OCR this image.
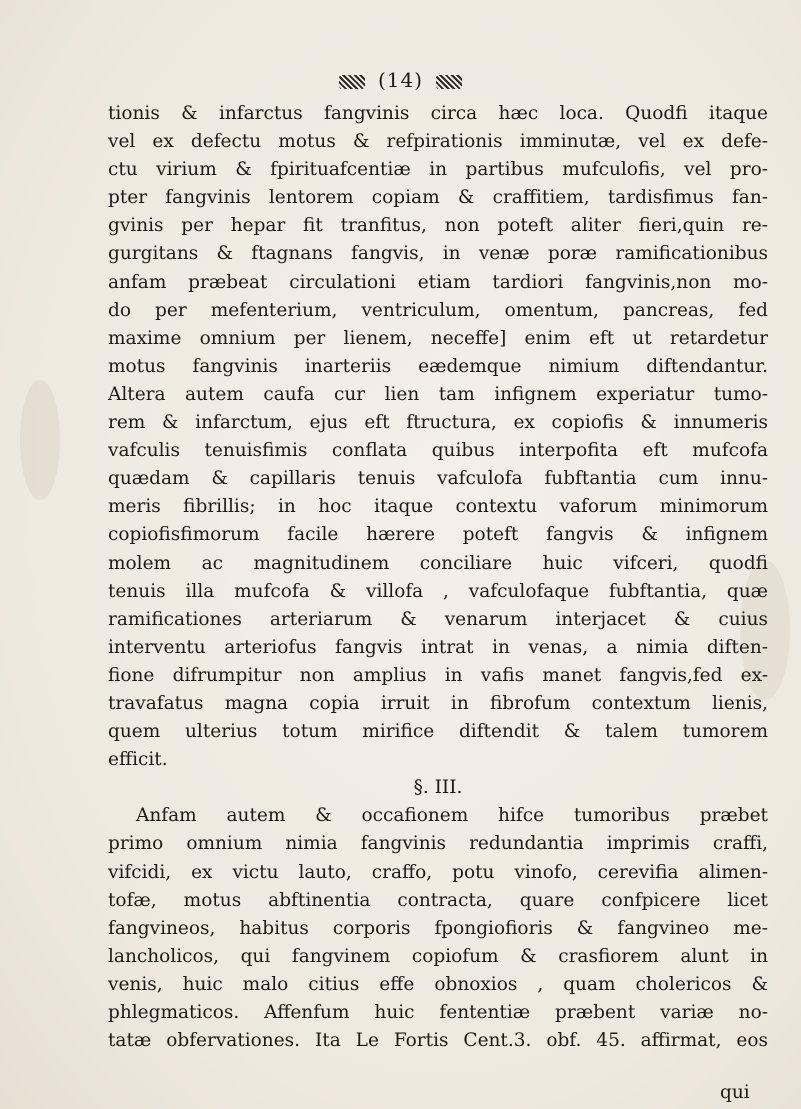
(14)
tionis & infarctus fangvinis circa hæc loca. Quodfi itaque
vel ex defectu motus & refpirationis imminutæ, vel ex defe-
ctu virium & fpirituafcentiæ in partibus mufculofis, vel pro-
pter fangvinis lentorem copiam & craffitiem, tardisfimus fan-
gvinis per hepar fit tranfitus, non poteft aliter fieri,quin re-
gurgitans & ftagnans fangvis, in venæ poræ ramificationibus
anfam præbeat circulationi etiam tardiori fangvinis,non mo-
do per mefenterium, ventriculum, omentum, pancreas, fed
maxime omnium per lienem, neceffe] enim eft ut retardetur
motus fangvinis inarteriis eædemque nimium diftendantur.
Altera autem caufa cur lien tam infignem experiatur tumo-
rem & infarctum, ejus eft ftructura, ex copiofis & innumeris
vafculis tenuisfimis conflata quibus interpofita eft mufcofa
quædam & capillaris tenuis vafculofa fubftantia cum innu-
meris fibrillis; in hoc itaque contextu vaforum minimorum
copiofisfimorum facile hærere poteft fangvis & infignem
molem ac magnitudinem conciliare huic vifceri, quodfi
tenuis illa mufcofa & villofa , vafculofaque fubftantia, quæ
ramificationes arteriarum & venarum interjacet & cuius
interventu arteriofus fangvis intrat in venas, a nimia diften-
fione difrumpitur non amplius in vafis manet fangvis,fed ex-
travafatus magna copia irruit in fibrofum contextum lienis,
quem ulterius totum mirifice diftendit & talem tumorem
efficit.
§. III.
Anfam autem & occafionem hifce tumoribus præbet
primo omnium nimia fangvinis redundantia imprimis craffi,
vifcidi, ex victu lauto, craffo, potu vinofo, cerevifia alimen-
tofæ, motus abftinentia contracta, quare confpicere licet
fangvineos, habitus corporis fpongiofioris & fangvineo me-
lancholicos, qui fangvinem copiofum & crasfiorem alunt in
venis, huic malo citius effe obnoxios , quam cholericos &
phlegmaticos. Affenfum huic fententiæ præbent variæ no-
tatæ obfervationes. Ita Le Fortis Cent.3. obf. 45. affirmat, eos
qui
